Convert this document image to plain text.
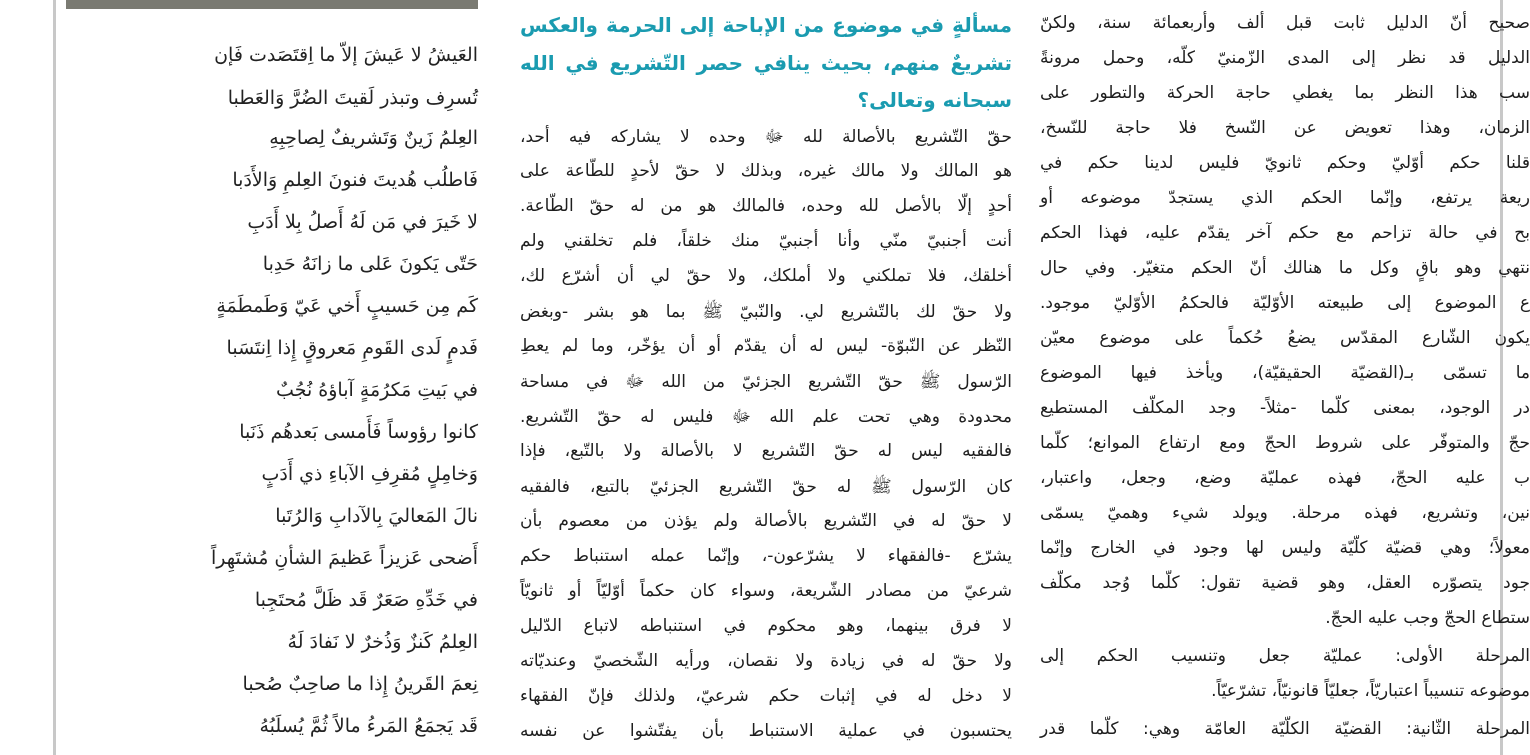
العَيشُ لا عَيشَ إلاّ ما اِقتَصَدت فَإن
تُسرِف وتبذر لَقيتَ الضُرَّ وَالعَطبا
العِلمُ زَينٌ وَتَشريفٌ لِصاحِبِهِ
فَاطلُب هُديتَ فنونَ العِلمِ وَالأَدَبا
لا خَيرَ في مَن لَهُ أَصلُ بِلا أَدَبِ
حَتّى يَكونَ عَلى ما زانَهُ حَدِبا
كَم مِن حَسيبٍ أَخي عَيّ وَطَمطَمَةٍ
فَدمٍ لَدى القَومِ مَعروقٍ إِذا اِنتَسَبا
في بَيتِ مَكرُمَةٍ آباؤهُ نُجُبٌ
كانوا رؤوساً فَأَمسى بَعدهُم ذَنَبا
وَخامِلٍ مُقرِفِ الآباءِ ذي أَدَبٍ
نالَ المَعاليَ بِالآدابِ وَالرُتَبا
أَضحى عَزيزاً عَظيمَ الشأنِ مُشتَهِراً
في خَدِّهِ صَعَرٌ قَد ظَلَّ مُحتَجِبا
العِلمُ كَنزٌ وَذُخرٌ لا نَفادَ لَهُ
نِعمَ القَرينُ إِذا ما صاحِبٌ صُحبا
قَد يَجمَعُ المَرءُ مالاً ثُمَّ يُسلَبُهُ
مسألةٍ في موضوع من الإباحة إلى الحرمة والعكس
تشريعٌ منهم، بحيث ينافي حصر التّشريع في الله
سبحانه وتعالى؟
حقّ التّشريع بالأصالة لله ﷻ وحده لا يشاركه فيه أحد،
هو المالك ولا مالك غيره، وبذلك لا حقّ لأحدٍ للطّاعة على
أحدٍ إلّا بالأصل لله وحده، فالمالك هو من له حقّ الطّاعة.
أنت أجنبيّ منّي وأنا أجنبيّ منك خلقاً، فلم تخلقني ولم
أخلقك، فلا تملكني ولا أملكك، ولا حقّ لي أن أشرّع لك،
ولا حقّ لك بالتّشريع لي. والنّبيّ ﷺ بما هو بشر -وبغض
النّظر عن النّبوّة- ليس له أن يقدّم أو أن يؤخّر، وما لم يعطِ
الرّسول ﷺ حقّ التّشريع الجزئيّ من الله ﷻ في مساحة
محدودة وهي تحت علم الله ﷻ فليس له حقّ التّشريع.
فالفقيه ليس له حقّ التّشريع لا بالأصالة ولا بالتّبع، فإذا
كان الرّسول ﷺ له حقّ التّشريع الجزئيّ بالتبع، فالفقيه
لا حقّ له في التّشريع بالأصالة ولم يؤذن من معصوم بأن
يشرّع -فالفقهاء لا يشرّعون-، وإنّما عمله استنباط حكم
شرعيّ من مصادر الشّريعة، وسواء كان حكماً أوّليّاً أو ثانويّاً
لا فرق بينهما، وهو محكوم في استنباطه لاتباع الدّليل
ولا حقّ له في زيادة ولا نقصان، ورأيه الشّخصيّ وعنديّاته
لا دخل له في إثبات حكم شرعيّ، ولذلك فإنّ الفقهاء
يحتسبون في عملية الاستنباط بأن يفتّشوا عن نفسه
صحيح أنّ الدليل ثابت قبل ألف وأربعمائة سنة، ولكنّ
الدليل قد نظر إلى المدى الزّمنيّ كلّه، وحمل مرونةً
سب هذا النظر بما يغطي حاجة الحركة والتطور على
الزمان، وهذا تعويض عن النّسخ فلا حاجة للنّسخ،
قلنا حكم أوّليّ وحكم ثانويّ فليس لدينا حكم في
ريعة يرتفع، وإنّما الحكم الذي يستجدّ موضوعه أو
بح في حالة تزاحم مع حكم آخر يقدّم عليه، فهذا الحكم
نتهي وهو باقٍ وكل ما هنالك أنّ الحكم متغيّر. وفي حال
ع الموضوع إلى طبيعته الأوّليّة فالحكمُ الأوّليّ موجود.
يكون الشّارع المقدّس يضعُ حُكماً على موضوع معيّن
ما تسمّى بـ(القضيّة الحقيقيّة)، ويأخذ فيها الموضوع
در الوجود، بمعنى كلّما -مثلاً- وجد المكلّف المستطيع
حجّ والمتوفّر على شروط الحجّ ومع ارتفاع الموانع؛ كلّما
ب عليه الحجّ، فهذه عمليّة وضع، وجعل، واعتبار،
نين، وتشريع، فهذه مرحلة. ويولد شيء وهميّ يسمّى
معولاً؛ وهي قضيّة كلّيّة وليس لها وجود في الخارج وإنّما
جود يتصوّره العقل، وهو قضية تقول: كلّما وُجد مكلّف
ستطاع الحجّ وجب عليه الحجّ.
المرحلة الأولى: عمليّة جعل وتنسيب الحكم إلى
موضوعه تنسيباً اعتباريّاً، جعليّاً قانونيّاً، تشرّعيّاً.
المرحلة الثّانية: القضيّة الكلّيّة العامّة وهي: كلّما قدر
